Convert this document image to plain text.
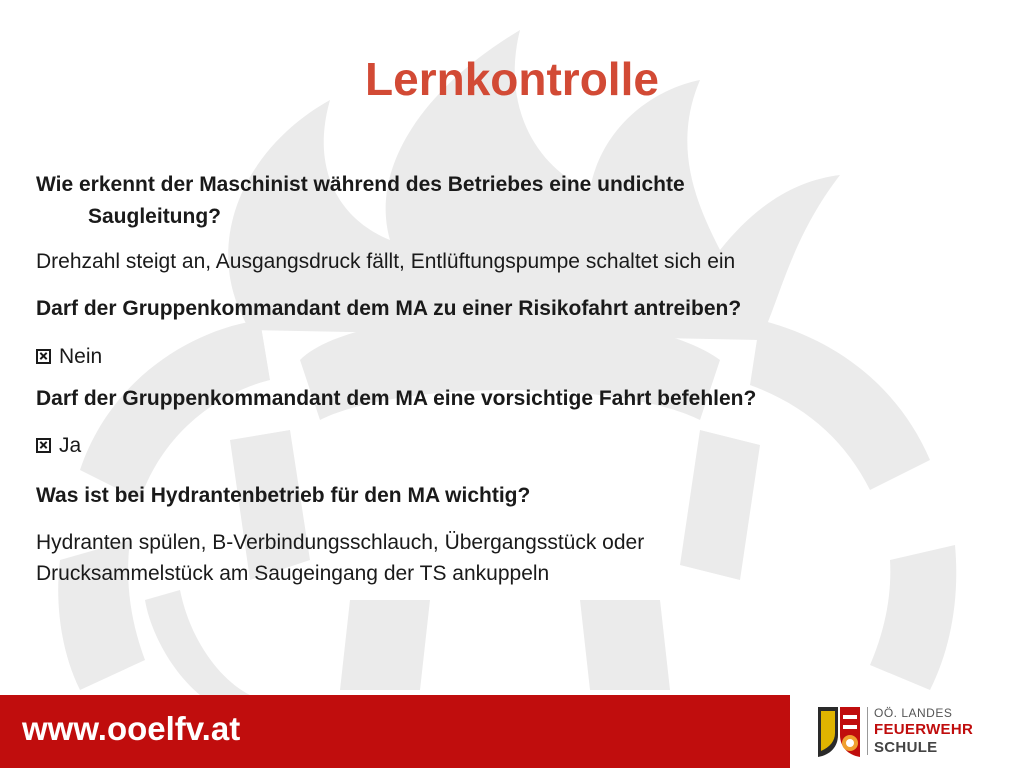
Lernkontrolle
Wie erkennt der Maschinist während des Betriebes eine undichte
Saugleitung?
Drehzahl steigt an, Ausgangsdruck fällt, Entlüftungspumpe schaltet sich ein
Darf der Gruppenkommandant dem MA zu einer Risikofahrt antreiben?
Nein
Darf der Gruppenkommandant dem MA eine vorsichtige Fahrt befehlen?
Ja
Was ist bei Hydrantenbetrieb für den MA wichtig?
Hydranten spülen, B-Verbindungsschlauch, Übergangsstück oder
Drucksammelstück am Saugeingang der TS ankuppeln
www.ooelfv.at	OÖ. LANDES
FEUERWEHR
SCHULE
